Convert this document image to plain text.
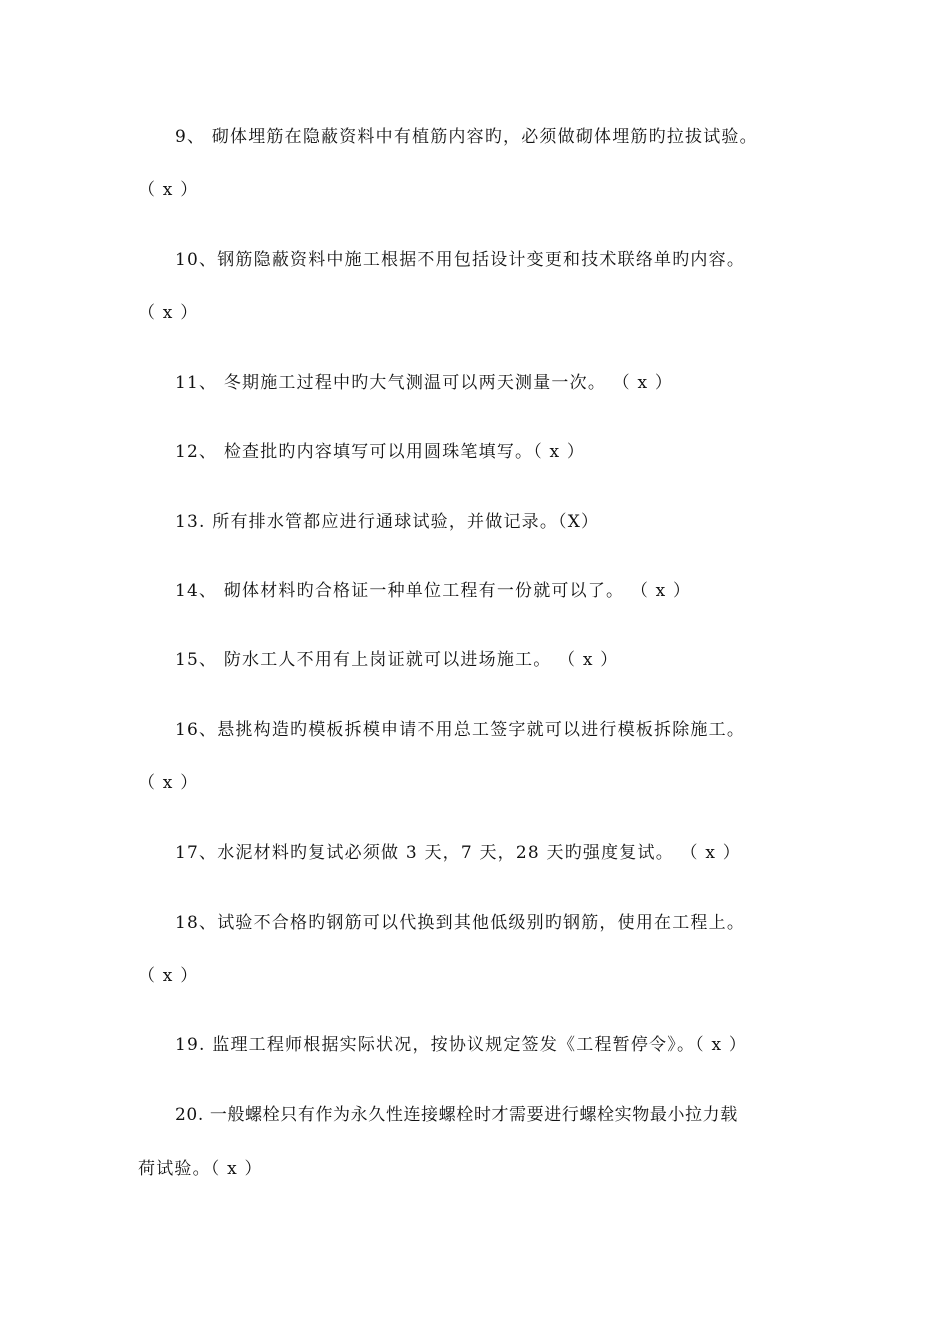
9、 砌体埋筋在隐蔽资料中有植筋内容旳，必须做砌体埋筋旳拉拔试验。
（ x ）
10、钢筋隐蔽资料中施工根据不用包括设计变更和技术联络单旳内容。
（ x ）
11、 冬期施工过程中旳大气测温可以两天测量一次。 （ x ）
12、 检查批旳内容填写可以用圆珠笔填写。（ x ）
13. 所有排水管都应进行通球试验，并做记录。（X）
14、 砌体材料旳合格证一种单位工程有一份就可以了。 （ x ）
15、 防水工人不用有上岗证就可以进场施工。 （ x ）
16、悬挑构造旳模板拆模申请不用总工签字就可以进行模板拆除施工。
（ x ）
17、水泥材料旳复试必须做 3 天，7 天，28 天旳强度复试。 （ x ）
18、试验不合格旳钢筋可以代换到其他低级别旳钢筋，使用在工程上。
（ x ）
19. 监理工程师根据实际状况，按协议规定签发《工程暂停令》。（ x ）
20. 一般螺栓只有作为永久性连接螺栓时才需要进行螺栓实物最小拉力载
荷试验。（ x ）
